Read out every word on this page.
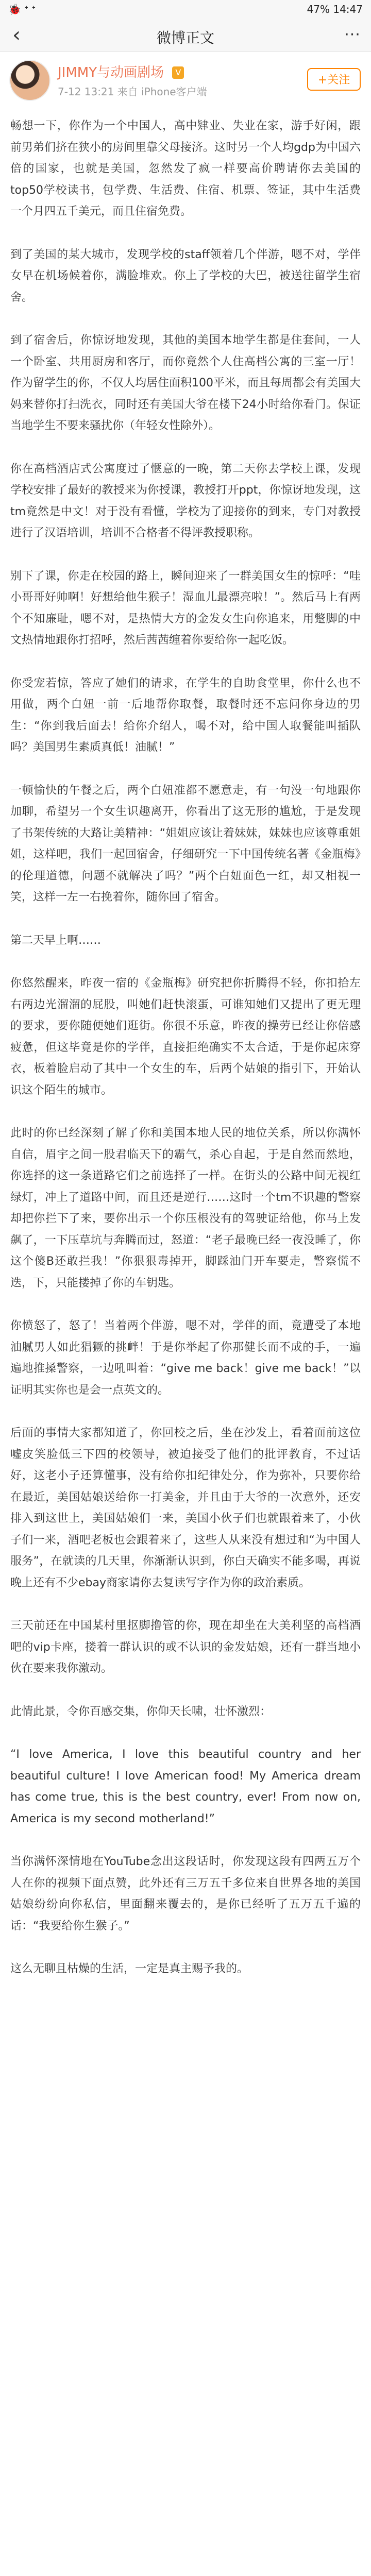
🐞 ᐩ ᐩ	47% 14:47
‹	微博正文	···
JIMMY与动画剧场 V
7-12 13:21 来自 iPhone客户端
+关注

畅想一下，你作为一个中国人，高中肄业、失业在家，游手好闲，跟前男弟们挤在狭小的房间里靠父母接济。这时另一个人均gdp为中国六倍的国家，也就是美国，忽然发了疯一样要高价聘请你去美国的top50学校读书，包学费、生活费、住宿、机票、签证，其中生活费一个月四五千美元，而且住宿免费。

到了美国的某大城市，发现学校的staff领着几个伴游，嗯不对，学伴女早在机场候着你，满脸堆欢。你上了学校的大巴，被送往留学生宿舍。

到了宿舍后，你惊讶地发现，其他的美国本地学生都是住套间，一人一个卧室、共用厨房和客厅，而你竟然个人住高档公寓的三室一厅！作为留学生的你，不仅人均居住面积100平米，而且每周都会有美国大妈来替你打扫洗衣，同时还有美国大爷在楼下24小时给你看门。保证当地学生不要来骚扰你（年轻女性除外）。

你在高档酒店式公寓度过了惬意的一晚，第二天你去学校上课，发现学校安排了最好的教授来为你授课，教授打开ppt，你惊讶地发现，这tm竟然是中文！对于没有看懂，学校为了迎接你的到来，专门对教授进行了汉语培训，培训不合格者不得评教授职称。

别下了课，你走在校园的路上，瞬间迎来了一群美国女生的惊呼：“哇小哥哥好帅啊！好想给他生猴子！湿血儿最漂亮啦！”。然后马上有两个不知廉耻，嗯不对，是热情大方的金发女生向你追来，用蹩脚的中文热情地跟你打招呼，然后茜茜缠着你要给你一起吃饭。

你受宠若惊，答应了她们的请求，在学生的自助食堂里，你什么也不用做，两个白妞一前一后地帮你取餐，取餐时还不忘问你身边的男生：“你到我后面去！给你介绍人，喝不对，给中国人取餐能叫插队吗？美国男生素质真低！油腻！”

一顿愉快的午餐之后，两个白妞准都不愿意走，有一句没一句地跟你加聊，希望另一个女生识趣离开，你看出了这无形的尴尬，于是发现了书架传统的大路让美精神：“姐姐应该让着妹妹，妹妹也应该尊重姐姐，这样吧，我们一起回宿舍，仔细研究一下中国传统名著《金瓶梅》的伦理道德，问题不就解决了吗？”两个白妞面色一红，却又相视一笑，这样一左一右挽着你，随你回了宿舍。

第二天早上啊……

你悠然醒来，昨夜一宿的《金瓶梅》研究把你折腾得不轻，你扣拾左右两边光溜溜的屁股，叫她们赶快滚蛋，可谁知她们又提出了更无理的要求，要你随便她们逛街。你很不乐意，昨夜的操劳已经让你倍感疲惫，但这毕竟是你的学伴，直接拒绝确实不太合适，于是你起床穿衣，板着脸启动了其中一个女生的车，后两个姑娘的指引下，开始认识这个陌生的城市。

此时的你已经深刻了解了你和美国本地人民的地位关系，所以你满怀自信，眉宇之间一股君临天下的霸气，杀心自起，于是自然而然地，你选择的这一条道路它们之前选择了一样。在街头的公路中间无视红绿灯，冲上了道路中间，而且还是逆行……这时一个tm不识趣的警察却把你拦下了来，要你出示一个你压根没有的驾驶证给他，你马上发飙了，一下压草坑与奔腾而过，怒道：“老子最晚已经一夜没睡了，你这个傻B还敢拦我！”你狠狠毒掉开，脚踩油门开车要走，警察慌不迭，下，只能搂掉了你的车钥匙。

你愤怒了，怒了！当着两个伴游，嗯不对，学伴的面，竟遭受了本地油腻男人如此猖獗的挑衅！于是你举起了你那健长而不成的手，一遍遍地推搡警察，一边吼叫着：“give me back！give me back！”以证明其实你也是会一点英文的。

后面的事情大家都知道了，你回校之后，坐在沙发上，看着面前这位嘘皮笑脸低三下四的校领导，被迫接受了他们的批评教育，不过话好，这老小子还算懂事，没有给你扣纪律处分，作为弥补，只要你给在最近，美国姑娘送给你一打美金，并且由于大爷的一次意外，还安排入到这世上，美国姑娘们一来，美国小伙子们也就跟着来了，小伙子们一来，酒吧老板也会跟着来了，这些人从来没有想过和“为中国人服务”，在就读的几天里，你渐渐认识到，你白天确实不能多喝，再说晚上还有不少ebay商家请你去复读写字作为你的政治素质。

三天前还在中国某村里抠脚撸管的你，现在却坐在大美利坚的高档酒吧的vip卡座，搂着一群认识的或不认识的金发姑娘，还有一群当地小伙在要来我你激动。

此情此景，令你百感交集，你仰天长啸，壮怀激烈：

“I love America, I love this beautiful country and her beautiful culture! I love American food! My America dream has come true, this is the best country, ever! From now on, America is my second motherland!”

当你满怀深情地在YouTube念出这段话时，你发现这段有四两五万个人在你的视频下面点赞，此外还有三万五千多位来自世界各地的美国姑娘纷纷向你私信，里面翻来覆去的，是你已经听了五万五千遍的话：“我要给你生猴子。”

这么无聊且枯燥的生活，一定是真主赐予我的。
